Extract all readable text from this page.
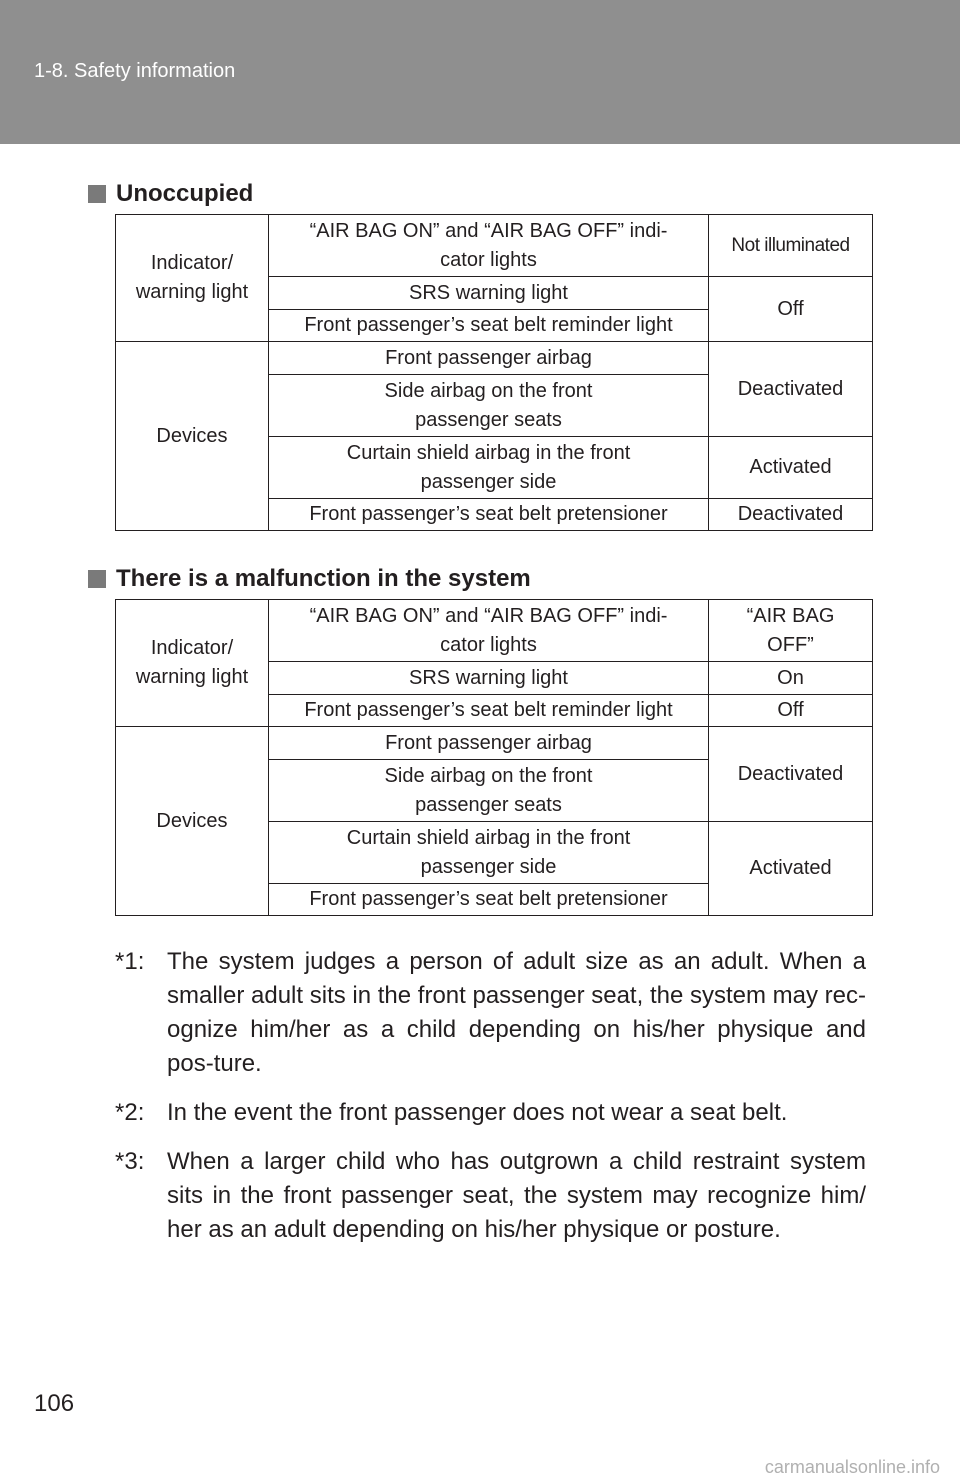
1-8. Safety information
Unoccupied
Indicator/
warning light	“AIR BAG ON” and “AIR BAG OFF” indi-
cator lights	Not illuminated
	SRS warning light	Off
	Front passenger’s seat belt reminder light	
Devices	Front passenger airbag	Deactivated
	Side airbag on the front
passenger seats	
	Curtain shield airbag in the front
passenger side	Activated
	Front passenger’s seat belt pretensioner	Deactivated
There is a malfunction in the system
Indicator/
warning light	“AIR BAG ON” and “AIR BAG OFF” indi-
cator lights	“AIR BAG
OFF”
	SRS warning light	On
	Front passenger’s seat belt reminder light	Off
Devices	Front passenger airbag	Deactivated
	Side airbag on the front
passenger seats	
	Curtain shield airbag in the front
passenger side	Activated
	Front passenger’s seat belt pretensioner	
*1: The system judges a person of adult size as an adult. When a smaller adult sits in the front passenger seat, the system may rec-ognize him/her as a child depending on his/her physique and pos-ture.
*2: In the event the front passenger does not wear a seat belt.
*3: When a larger child who has outgrown a child restraint system sits in the front passenger seat, the system may recognize him/ her as an adult depending on his/her physique or posture.
106
carmanualsonline.info
